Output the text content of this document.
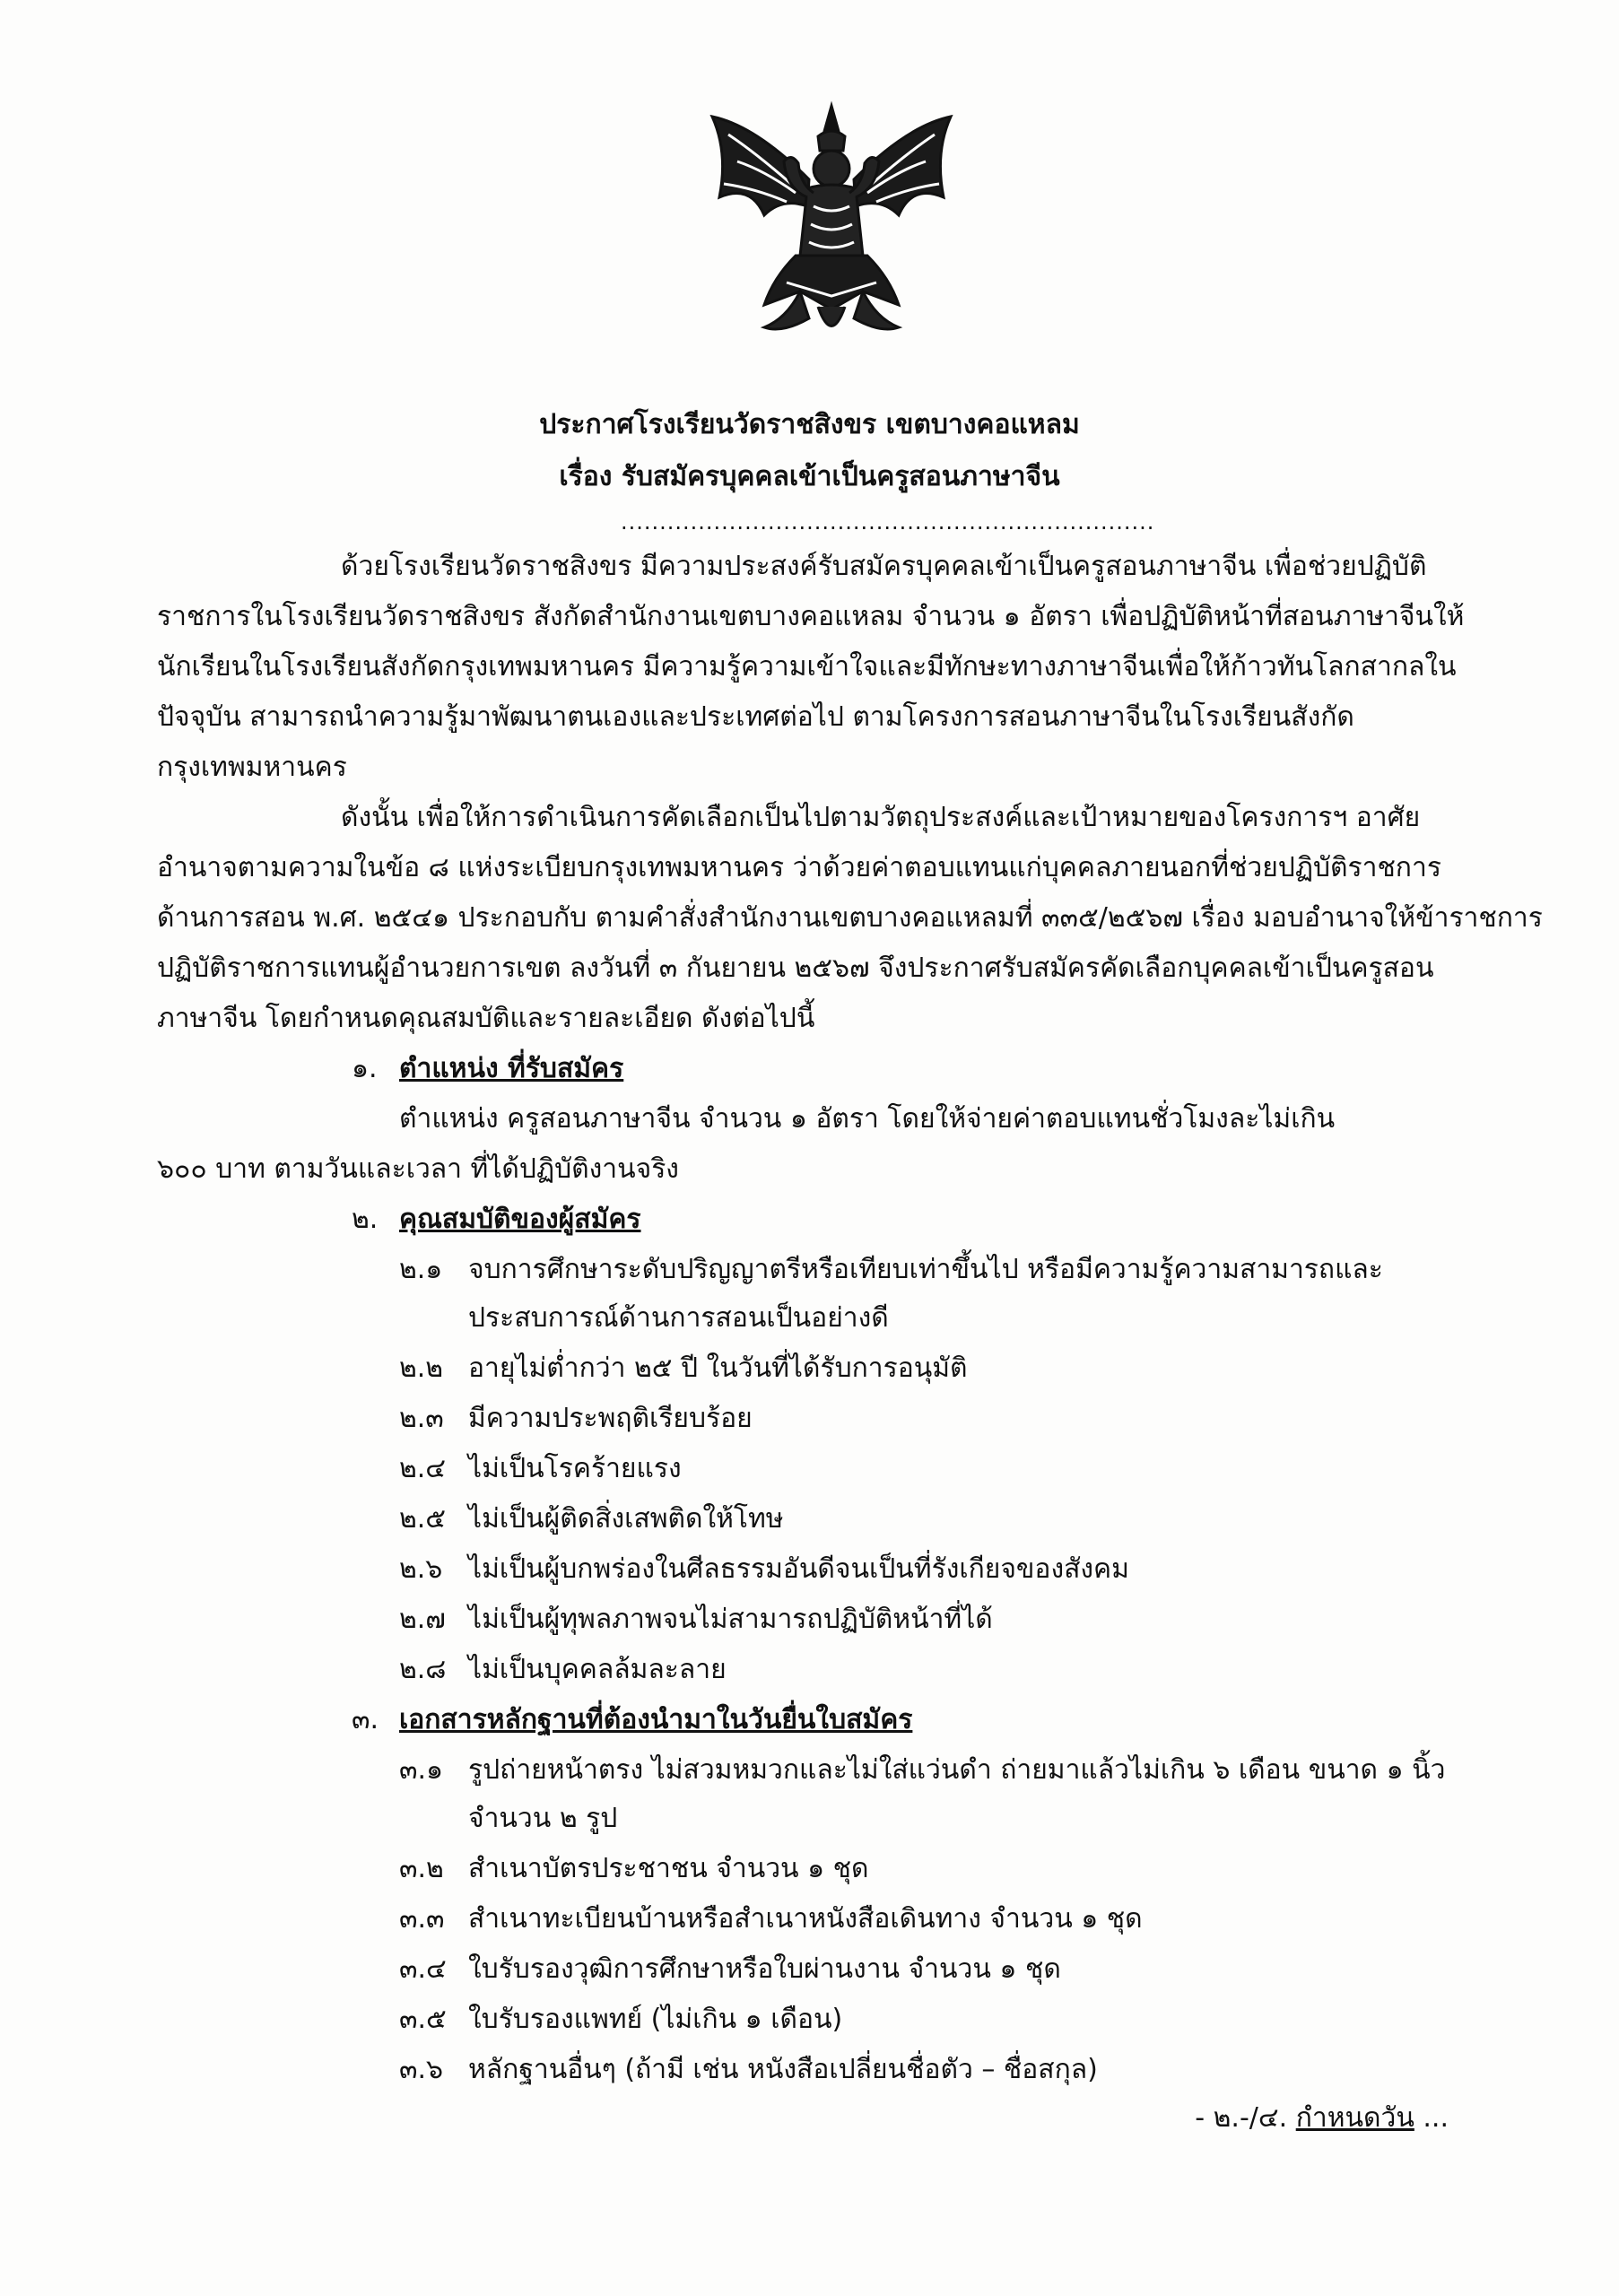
ประกาศโรงเรียนวัดราชสิงขร เขตบางคอแหลม
เรื่อง รับสมัครบุคคลเข้าเป็นครูสอนภาษาจีน
.....................................................................
ด้วยโรงเรียนวัดราชสิงขร มีความประสงค์รับสมัครบุคคลเข้าเป็นครูสอนภาษาจีน เพื่อช่วยปฏิบัติ
ราชการในโรงเรียนวัดราชสิงขร สังกัดสำนักงานเขตบางคอแหลม จำนวน ๑ อัตรา เพื่อปฏิบัติหน้าที่สอนภาษาจีนให้
นักเรียนในโรงเรียนสังกัดกรุงเทพมหานคร มีความรู้ความเข้าใจและมีทักษะทางภาษาจีนเพื่อให้ก้าวทันโลกสากลใน
ปัจจุบัน สามารถนำความรู้มาพัฒนาตนเองและประเทศต่อไป ตามโครงการสอนภาษาจีนในโรงเรียนสังกัด
กรุงเทพมหานคร
ดังนั้น เพื่อให้การดำเนินการคัดเลือกเป็นไปตามวัตถุประสงค์และเป้าหมายของโครงการฯ อาศัย
อำนาจตามความในข้อ ๘ แห่งระเบียบกรุงเทพมหานคร ว่าด้วยค่าตอบแทนแก่บุคคลภายนอกที่ช่วยปฏิบัติราชการ
ด้านการสอน พ.ศ. ๒๕๔๑ ประกอบกับ ตามคำสั่งสำนักงานเขตบางคอแหลมที่ ๓๓๕/๒๕๖๗ เรื่อง มอบอำนาจให้ข้าราชการ
ปฏิบัติราชการแทนผู้อำนวยการเขต ลงวันที่ ๓ กันยายน ๒๕๖๗ จึงประกาศรับสมัครคัดเลือกบุคคลเข้าเป็นครูสอน
ภาษาจีน โดยกำหนดคุณสมบัติและรายละเอียด ดังต่อไปนี้
๑. ตำแหน่ง ที่รับสมัคร
ตำแหน่ง ครูสอนภาษาจีน จำนวน ๑ อัตรา โดยให้จ่ายค่าตอบแทนชั่วโมงละไม่เกิน
๖๐๐ บาท ตามวันและเวลา ที่ได้ปฏิบัติงานจริง
๒. คุณสมบัติของผู้สมัคร
๒.๑ จบการศึกษาระดับปริญญาตรีหรือเทียบเท่าขึ้นไป หรือมีความรู้ความสามารถและ
ประสบการณ์ด้านการสอนเป็นอย่างดี
๒.๒ อายุไม่ต่ำกว่า ๒๕ ปี ในวันที่ได้รับการอนุมัติ
๒.๓ มีความประพฤติเรียบร้อย
๒.๔ ไม่เป็นโรคร้ายแรง
๒.๕ ไม่เป็นผู้ติดสิ่งเสพติดให้โทษ
๒.๖ ไม่เป็นผู้บกพร่องในศีลธรรมอันดีจนเป็นที่รังเกียจของสังคม
๒.๗ ไม่เป็นผู้ทุพลภาพจนไม่สามารถปฏิบัติหน้าที่ได้
๒.๘ ไม่เป็นบุคคลล้มละลาย
๓. เอกสารหลักฐานที่ต้องนำมาในวันยื่นใบสมัคร
๓.๑ รูปถ่ายหน้าตรง ไม่สวมหมวกและไม่ใส่แว่นดำ ถ่ายมาแล้วไม่เกิน ๖ เดือน ขนาด ๑ นิ้ว
จำนวน ๒ รูป
๓.๒ สำเนาบัตรประชาชน จำนวน ๑ ชุด
๓.๓ สำเนาทะเบียนบ้านหรือสำเนาหนังสือเดินทาง จำนวน ๑ ชุด
๓.๔ ใบรับรองวุฒิการศึกษาหรือใบผ่านงาน จำนวน ๑ ชุด
๓.๕ ใบรับรองแพทย์ (ไม่เกิน ๑ เดือน)
๓.๖ หลักฐานอื่นๆ (ถ้ามี เช่น หนังสือเปลี่ยนชื่อตัว – ชื่อสกุล)
- ๒.-/๔. กำหนดวัน ...
